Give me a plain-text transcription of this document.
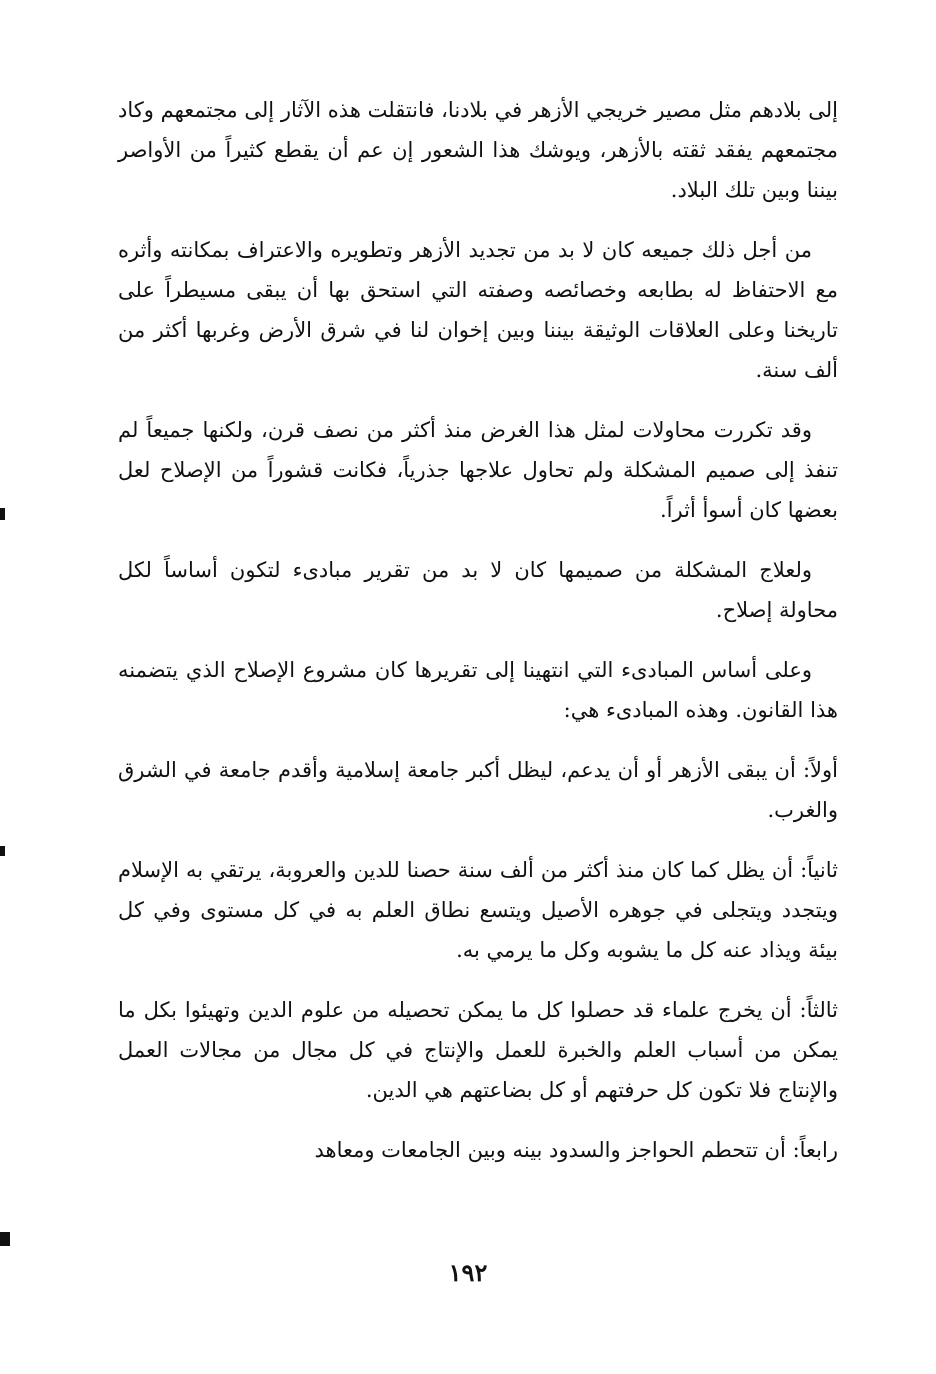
إلى بلادهم مثل مصير خريجي الأزهر في بلادنا، فانتقلت هذه الآثار إلى مجتمعهم وكاد مجتمعهم يفقد ثقته بالأزهر، ويوشك هذا الشعور إن عم أن يقطع كثيراً من الأواصر بيننا وبين تلك البلاد.

من أجل ذلك جميعه كان لا بد من تجديد الأزهر وتطويره والاعتراف بمكانته وأثره مع الاحتفاظ له بطابعه وخصائصه وصفته التي استحق بها أن يبقى مسيطراً على تاريخنا وعلى العلاقات الوثيقة بيننا وبين إخوان لنا في شرق الأرض وغربها أكثر من ألف سنة.

وقد تكررت محاولات لمثل هذا الغرض منذ أكثر من نصف قرن، ولكنها جميعاً لم تنفذ إلى صميم المشكلة ولم تحاول علاجها جذرياً، فكانت قشوراً من الإصلاح لعل بعضها كان أسوأ أثراً.

ولعلاج المشكلة من صميمها كان لا بد من تقرير مبادىء لتكون أساساً لكل محاولة إصلاح.

وعلى أساس المبادىء التي انتهينا إلى تقريرها كان مشروع الإصلاح الذي يتضمنه هذا القانون. وهذه المبادىء هي:

أولاً: أن يبقى الأزهر أو أن يدعم، ليظل أكبر جامعة إسلامية وأقدم جامعة في الشرق والغرب.

ثانياً: أن يظل كما كان منذ أكثر من ألف سنة حصنا للدين والعروبة، يرتقي به الإسلام ويتجدد ويتجلى في جوهره الأصيل ويتسع نطاق العلم به في كل مستوى وفي كل بيئة ويذاد عنه كل ما يشوبه وكل ما يرمي به.

ثالثاً: أن يخرج علماء قد حصلوا كل ما يمكن تحصيله من علوم الدين وتهيئوا بكل ما يمكن من أسباب العلم والخبرة للعمل والإنتاج في كل مجال من مجالات العمل والإنتاج فلا تكون كل حرفتهم أو كل بضاعتهم هي الدين.

رابعاً: أن تتحطم الحواجز والسدود بينه وبين الجامعات ومعاهد

١٩٢
